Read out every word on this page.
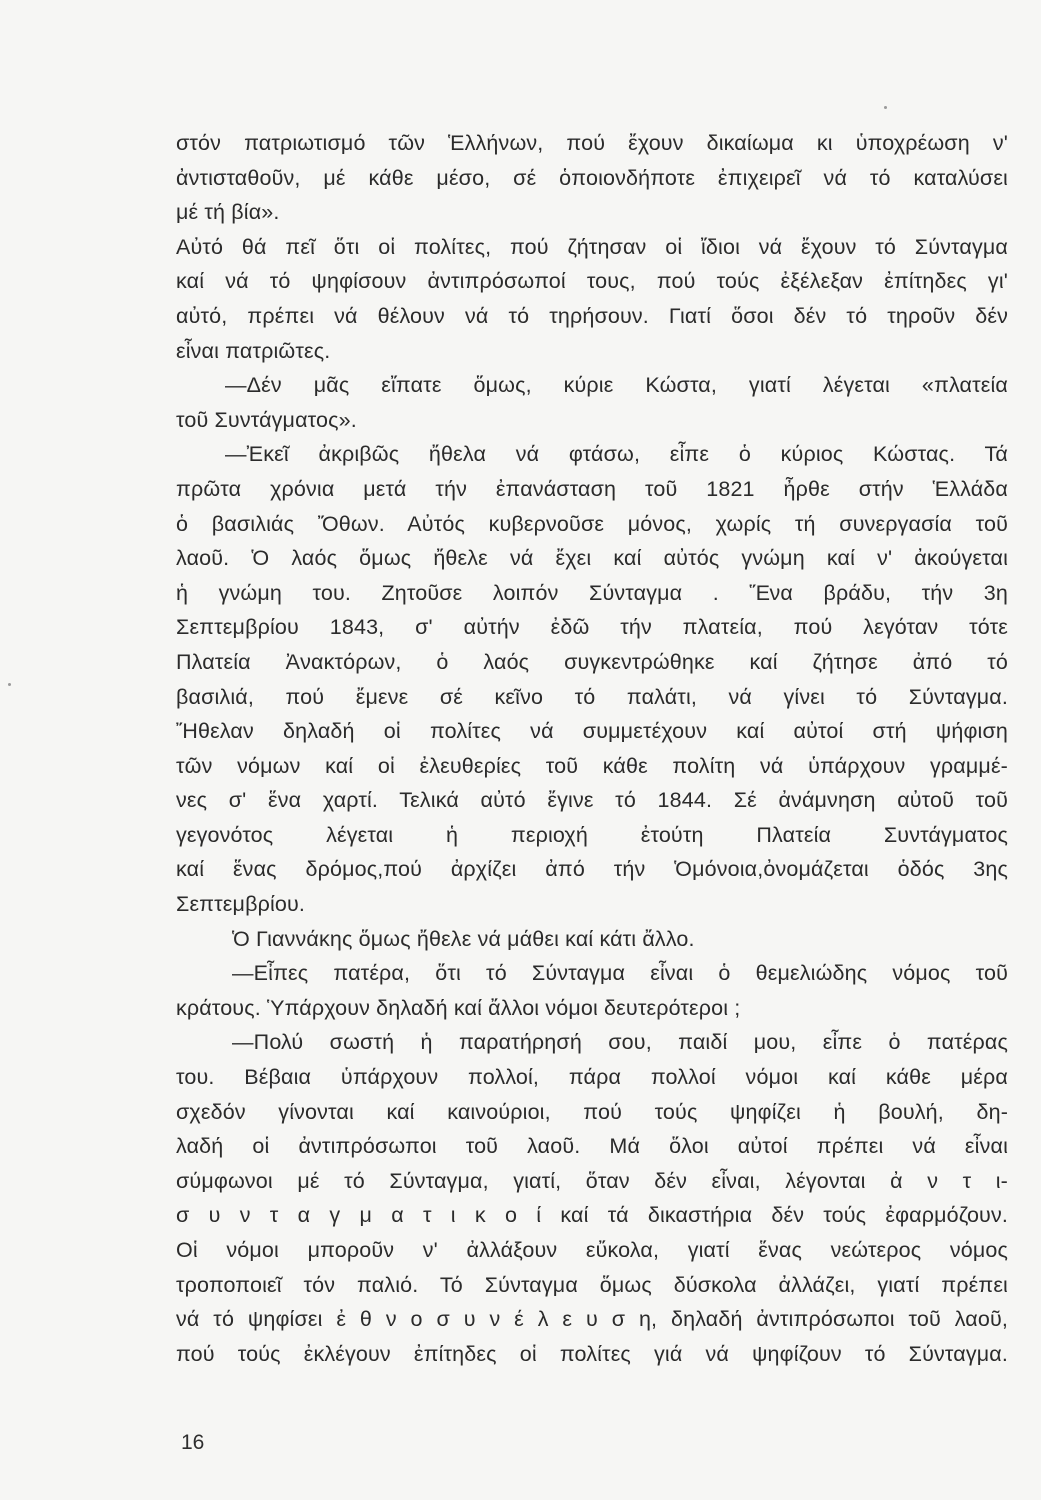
στόν πατριωτισμό τῶν Ἑλλήνων, πού ἔχουν δικαίωμα κι ὑποχρέωση ν'
ἀντισταθοῦν, μέ κάθε μέσο, σέ ὁποιονδήποτε ἐπιχειρεῖ νά τό καταλύσει
μέ τή βία».
Αὐτό θά πεῖ ὅτι οἱ πολίτες, πού ζήτησαν οἱ ἴδιοι νά ἔχουν τό Σύνταγμα
καί νά τό ψηφίσουν ἀντιπρόσωποί τους, πού τούς ἐξέλεξαν ἐπίτηδες γι'
αὐτό, πρέπει νά θέλουν νά τό τηρήσουν. Γιατί ὅσοι δέν τό τηροῦν δέν
εἶναι πατριῶτες.
—Δέν μᾶς εἴπατε ὅμως, κύριε Κώστα, γιατί λέγεται «πλατεία
τοῦ Συντάγματος».
—Ἐκεῖ ἀκριβῶς ἤθελα νά φτάσω, εἶπε ὁ κύριος Κώστας. Τά
πρῶτα χρόνια μετά τήν ἐπανάσταση τοῦ 1821 ἦρθε στήν Ἑλλάδα
ὁ βασιλιάς Ὄθων. Αὐτός κυβερνοῦσε μόνος, χωρίς τή συνεργασία τοῦ
λαοῦ. Ὁ λαός ὅμως ἤθελε νά ἔχει καί αὐτός γνώμη καί ν' ἀκούγεται
ἡ γνώμη του. Ζητοῦσε λοιπόν Σύνταγμα . Ἕνα βράδυ, τήν 3η
Σεπτεμβρίου 1843, σ' αὐτήν ἐδῶ τήν πλατεία, πού λεγόταν τότε
Πλατεία Ἀνακτόρων, ὁ λαός συγκεντρώθηκε καί ζήτησε ἀπό τό
βασιλιά, πού ἔμενε σέ κεῖνο τό παλάτι, νά γίνει τό Σύνταγμα.
Ἤθελαν δηλαδή οἱ πολίτες νά συμμετέχουν καί αὐτοί στή ψήφιση
τῶν νόμων καί οἱ ἐλευθερίες τοῦ κάθε πολίτη νά ὑπάρχουν γραμμέ-
νες σ' ἕνα χαρτί. Τελικά αὐτό ἔγινε τό 1844. Σέ ἀνάμνηση αὐτοῦ τοῦ
γεγονότος λέγεται ἡ περιοχή ἐτούτη Πλατεία Συντάγματος
καί ἕνας δρόμος,πού ἀρχίζει ἀπό τήν Ὁμόνοια,ὀνομάζεται ὁδός 3ης
Σεπτεμβρίου.
Ὁ Γιαννάκης ὅμως ἤθελε νά μάθει καί κάτι ἄλλο.
—Εἶπες πατέρα, ὅτι τό Σύνταγμα εἶναι ὁ θεμελιώδης νόμος τοῦ
κράτους. Ὑπάρχουν δηλαδή καί ἄλλοι νόμοι δευτερότεροι ;
—Πολύ σωστή ἡ παρατήρησή σου, παιδί μου, εἶπε ὁ πατέρας
του. Βέβαια ὑπάρχουν πολλοί, πάρα πολλοί νόμοι καί κάθε μέρα
σχεδόν γίνονται καί καινούριοι, πού τούς ψηφίζει ἡ βουλή, δη-
λαδή οἱ ἀντιπρόσωποι τοῦ λαοῦ. Μά ὅλοι αὐτοί πρέπει νά εἶναι
σύμφωνοι μέ τό Σύνταγμα, γιατί, ὅταν δέν εἶναι, λέγονται ἀ ν τ ι-
σ υ ν τ α γ μ α τ ι κ ο ί καί τά δικαστήρια δέν τούς ἐφαρμόζουν.
Οἱ νόμοι μποροῦν ν' ἀλλάξουν εὔκολα, γιατί ἕνας νεώτερος νόμος
τροποποιεῖ τόν παλιό. Τό Σύνταγμα ὅμως δύσκολα ἀλλάζει, γιατί πρέπει
νά τό ψηφίσει ἐ θ ν ο σ υ ν έ λ ε υ σ η, δηλαδή ἀντιπρόσωποι τοῦ λαοῦ,
πού τούς ἐκλέγουν ἐπίτηδες οἱ πολίτες γιά νά ψηφίζουν τό Σύνταγμα.
16
